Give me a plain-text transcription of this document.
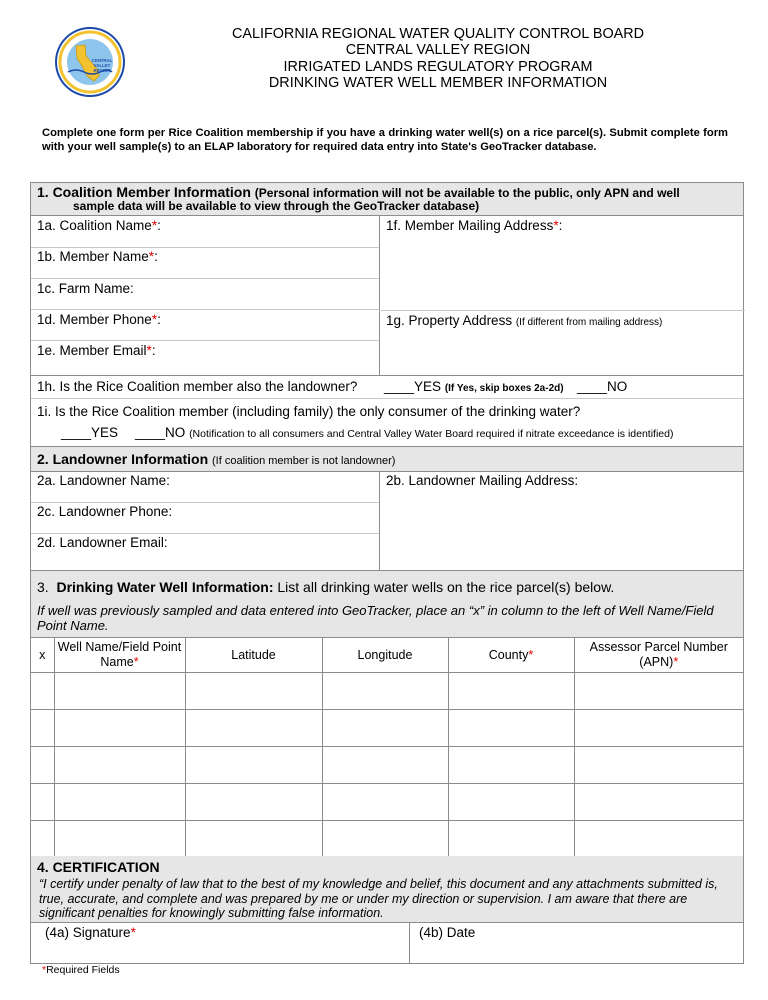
CENTRAL
VALLEY
REGION
CALIFORNIA REGIONAL WATER QUALITY CONTROL BOARD
CENTRAL VALLEY REGION
IRRIGATED LANDS REGULATORY PROGRAM
DRINKING WATER WELL MEMBER INFORMATION

Complete one form per Rice Coalition membership if you have a drinking water well(s) on a rice parcel(s). Submit complete form with your well sample(s) to an ELAP laboratory for required data entry into State's GeoTracker database.

1. Coalition Member Information (Personal information will not be available to the public, only APN and well
sample data will be available to view through the GeoTracker database)
1a. Coalition Name*:
1b. Member Name*:
1c. Farm Name:
1d. Member Phone*:
1e. Member Email*:
1f. Member Mailing Address*:
1g. Property Address (If different from mailing address)
1h. Is the Rice Coalition member also the landowner? ____YES (If Yes, skip boxes 2a-2d) ____NO
1i. Is the Rice Coalition member (including family) the only consumer of the drinking water?
____YES ____NO (Notification to all consumers and Central Valley Water Board required if nitrate exceedance is identified)
2. Landowner Information (If coalition member is not landowner)
2a. Landowner Name:	2b. Landowner Mailing Address:
2c. Landowner Phone:
2d. Landowner Email:
3. Drinking Water Well Information: List all drinking water wells on the rice parcel(s) below.
If well was previously sampled and data entered into GeoTracker, place an “x” in column to the left of Well Name/Field Point Name.
x	Well Name/Field Point Name*	Latitude	Longitude	County*	Assessor Parcel Number (APN)*

4. CERTIFICATION
“I certify under penalty of law that to the best of my knowledge and belief, this document and any attachments submitted is, true, accurate, and complete and was prepared by me or under my direction or supervision. I am aware that there are significant penalties for knowingly submitting false information.
(4a) Signature*	(4b) Date
*Required Fields
